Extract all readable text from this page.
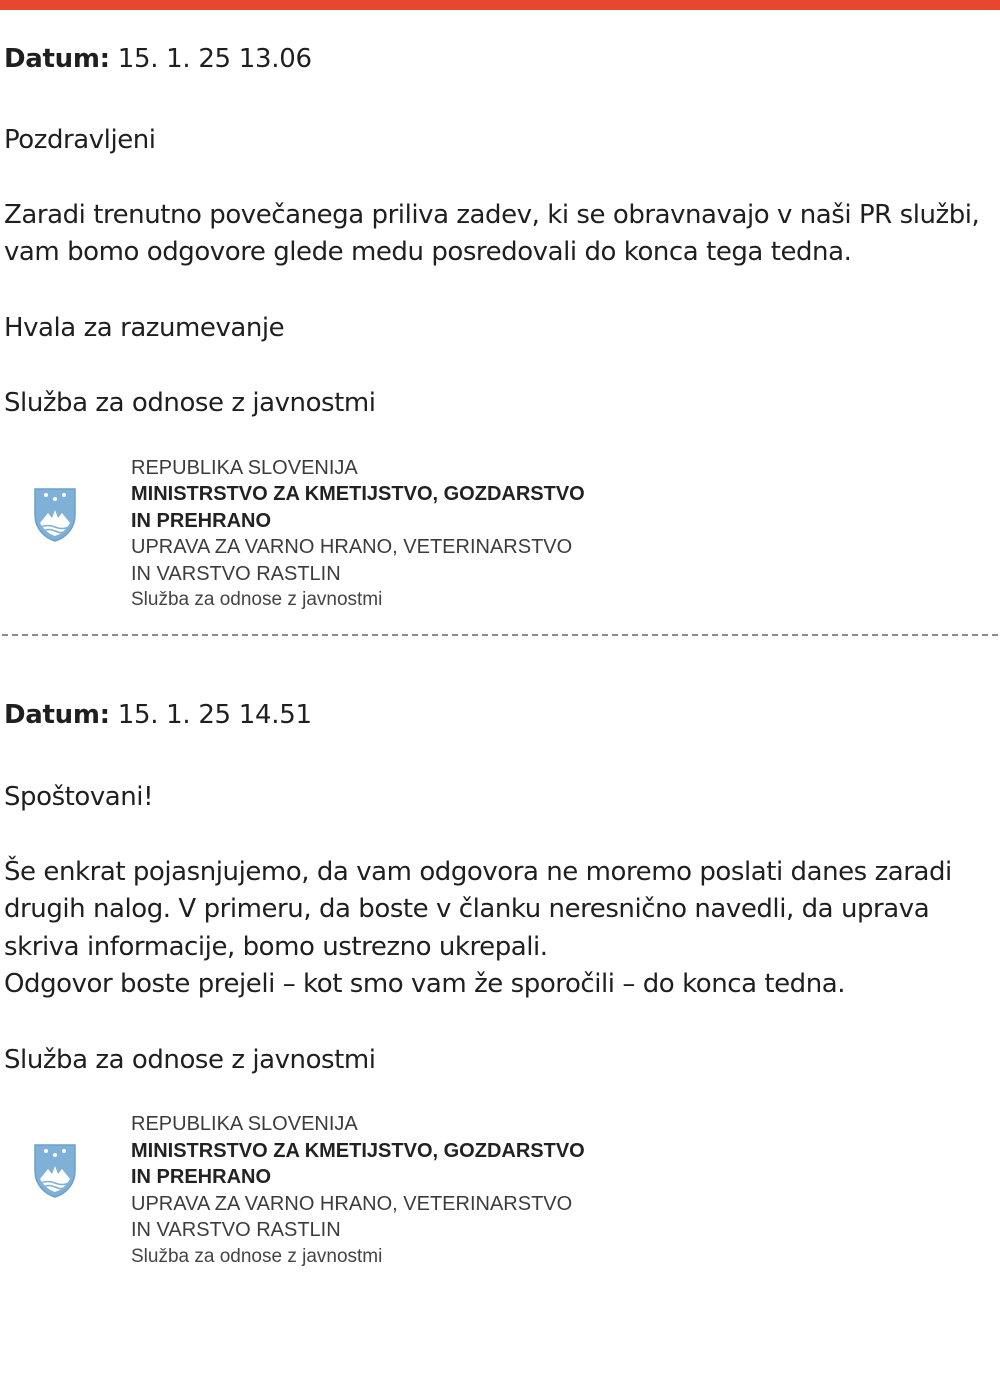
Datum: 15. 1. 25 13.06
Pozdravljeni
Zaradi trenutno povečanega priliva zadev, ki se obravnavajo v naši PR službi,
vam bomo odgovore glede medu posredovali do konca tega tedna.
Hvala za razumevanje
Služba za odnose z javnostmi
REPUBLIKA SLOVENIJA
MINISTRSTVO ZA KMETIJSTVO, GOZDARSTVO
IN PREHRANO
UPRAVA ZA VARNO HRANO, VETERINARSTVO
IN VARSTVO RASTLIN
Služba za odnose z javnostmi
Datum: 15. 1. 25 14.51
Spoštovani!
Še enkrat pojasnjujemo, da vam odgovora ne moremo poslati danes zaradi
drugih nalog. V primeru, da boste v članku neresnično navedli, da uprava
skriva informacije, bomo ustrezno ukrepali.
Odgovor boste prejeli – kot smo vam že sporočili – do konca tedna.
Služba za odnose z javnostmi
REPUBLIKA SLOVENIJA
MINISTRSTVO ZA KMETIJSTVO, GOZDARSTVO
IN PREHRANO
UPRAVA ZA VARNO HRANO, VETERINARSTVO
IN VARSTVO RASTLIN
Služba za odnose z javnostmi
